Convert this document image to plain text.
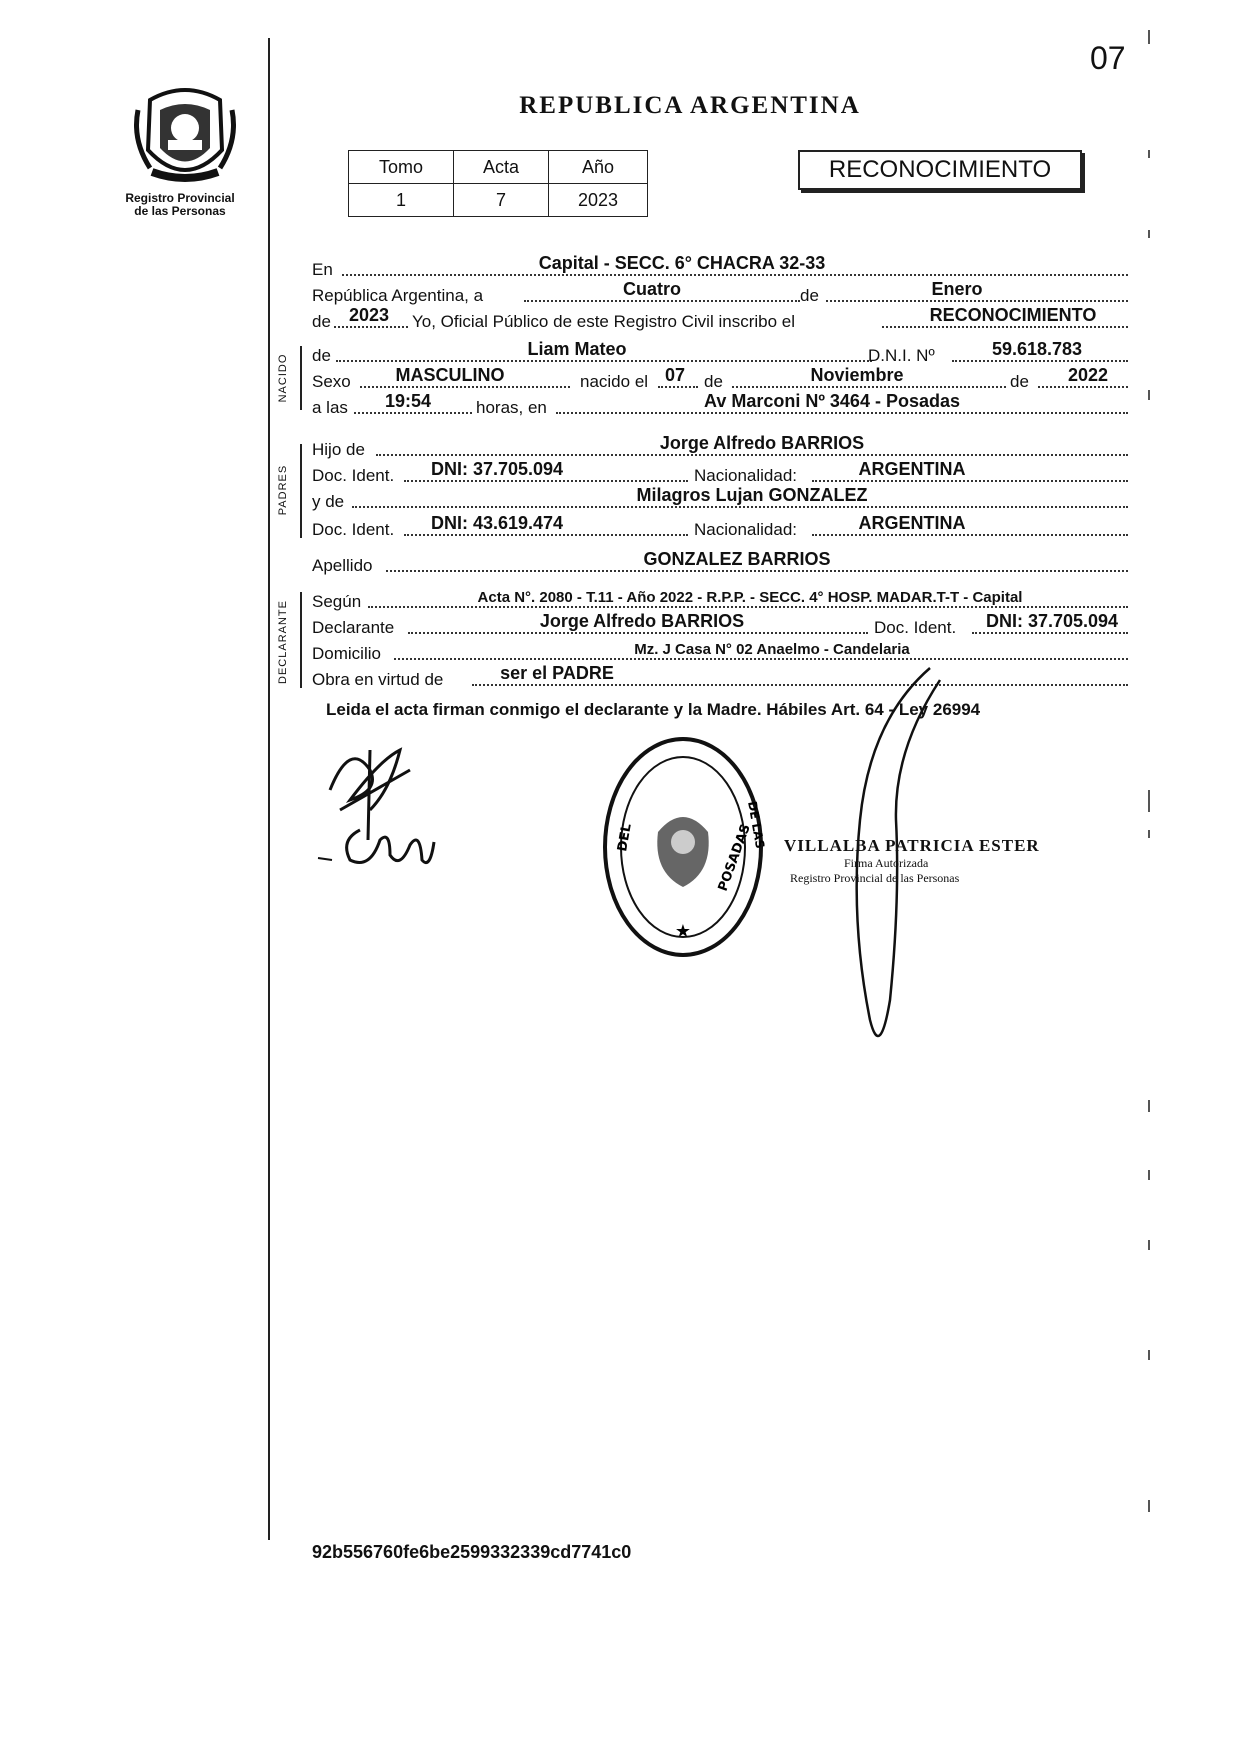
07
Registro Provincial
de las Personas
REPUBLICA ARGENTINA
Tomo	Acta	Año
1	7	2023
RECONOCIMIENTO
NACIDO
PADRES
DECLARANTE
En	Capital - SECC. 6° CHACRA 32-33
República Argentina, a	Cuatro	de	Enero
de	2023	Yo, Oficial Público de este Registro Civil inscribo el	RECONOCIMIENTO
de	Liam Mateo	D.N.I. Nº	59.618.783
Sexo	MASCULINO	nacido el 07 de	Noviembre	de	2022
a las	19:54	horas, en	Av Marconi Nº 3464 - Posadas
Hijo de	Jorge Alfredo BARRIOS
Doc. Ident.	DNI: 37.705.094	Nacionalidad:	ARGENTINA
y de	Milagros Lujan GONZALEZ
Doc. Ident.	DNI: 43.619.474	Nacionalidad:	ARGENTINA
Apellido	GONZALEZ BARRIOS
Según	Acta N°. 2080 - T.11 - Año 2022 - R.P.P. - SECC. 4° HOSP. MADAR.T-T - Capital
Declarante	Jorge Alfredo BARRIOS	Doc. Ident.	DNI: 37.705.094
Domicilio	Mz. J Casa N° 02 Anaelmo - Candelaria
Obra en virtud de	ser el PADRE
Leida el acta firman conmigo el declarante y la Madre. Hábiles Art. 64 - Ley 26994
★
DEL	POSADAS
DE LAS VILLALBA PATRICIA ESTER
Firma Autorizada
Registro Provincial de las Personas
92b556760fe6be2599332339cd7741c0
